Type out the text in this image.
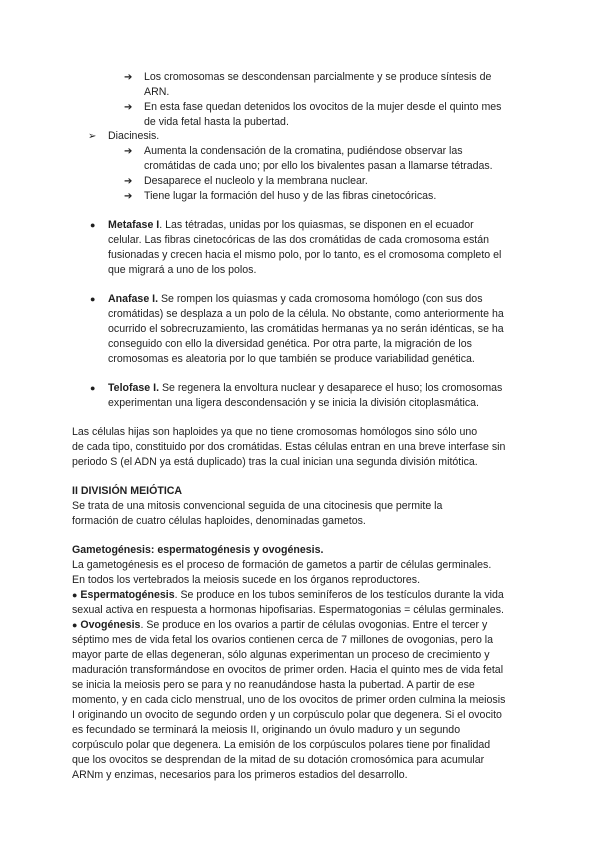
➔ Los cromosomas se descondensan parcialmente y se produce síntesis de
ARN.
➔ En esta fase quedan detenidos los ovocitos de la mujer desde el quinto mes
de vida fetal hasta la pubertad.
➢ Diacinesis.
➔ Aumenta la condensación de la cromatina, pudiéndose observar las
cromátidas de cada uno; por ello los bivalentes pasan a llamarse tétradas.
➔ Desaparece el nucleolo y la membrana nuclear.
➔ Tiene lugar la formación del huso y de las fibras cinetocóricas.
● Metafase I. Las tétradas, unidas por los quiasmas, se disponen en el ecuador
celular. Las fibras cinetocóricas de las dos cromátidas de cada cromosoma están
fusionadas y crecen hacia el mismo polo, por lo tanto, es el cromosoma completo el
que migrará a uno de los polos.
● Anafase I. Se rompen los quiasmas y cada cromosoma homólogo (con sus dos
cromátidas) se desplaza a un polo de la célula. No obstante, como anteriormente ha
ocurrido el sobrecruzamiento, las cromátidas hermanas ya no serán idénticas, se ha
conseguido con ello la diversidad genética. Por otra parte, la migración de los
cromosomas es aleatoria por lo que también se produce variabilidad genética.
● Telofase I. Se regenera la envoltura nuclear y desaparece el huso; los cromosomas
experimentan una ligera descondensación y se inicia la división citoplasmática.
Las células hijas son haploides ya que no tiene cromosomas homólogos sino sólo uno
de cada tipo, constituido por dos cromátidas. Estas células entran en una breve interfase sin
periodo S (el ADN ya está duplicado) tras la cual inician una segunda división mitótica.
II DIVISIÓN MEIÓTICA
Se trata de una mitosis convencional seguida de una citocinesis que permite la
formación de cuatro células haploides, denominadas gametos.
Gametogénesis: espermatogénesis y ovogénesis.
La gametogénesis es el proceso de formación de gametos a partir de células germinales.
En todos los vertebrados la meiosis sucede en los órganos reproductores.
● Espermatogénesis. Se produce en los tubos seminíferos de los testículos durante la vida
sexual activa en respuesta a hormonas hipofisarias. Espermatogonias = células germinales.
● Ovogénesis. Se produce en los ovarios a partir de células ovogonias. Entre el tercer y
séptimo mes de vida fetal los ovarios contienen cerca de 7 millones de ovogonias, pero la
mayor parte de ellas degeneran, sólo algunas experimentan un proceso de crecimiento y
maduración transformándose en ovocitos de primer orden. Hacia el quinto mes de vida fetal
se inicia la meiosis pero se para y no reanudándose hasta la pubertad. A partir de ese
momento, y en cada ciclo menstrual, uno de los ovocitos de primer orden culmina la meiosis
I originando un ovocito de segundo orden y un corpúsculo polar que degenera. Si el ovocito
es fecundado se terminará la meiosis II, originando un óvulo maduro y un segundo
corpúsculo polar que degenera. La emisión de los corpúsculos polares tiene por finalidad
que los ovocitos se desprendan de la mitad de su dotación cromosómica para acumular
ARNm y enzimas, necesarios para los primeros estadios del desarrollo.
